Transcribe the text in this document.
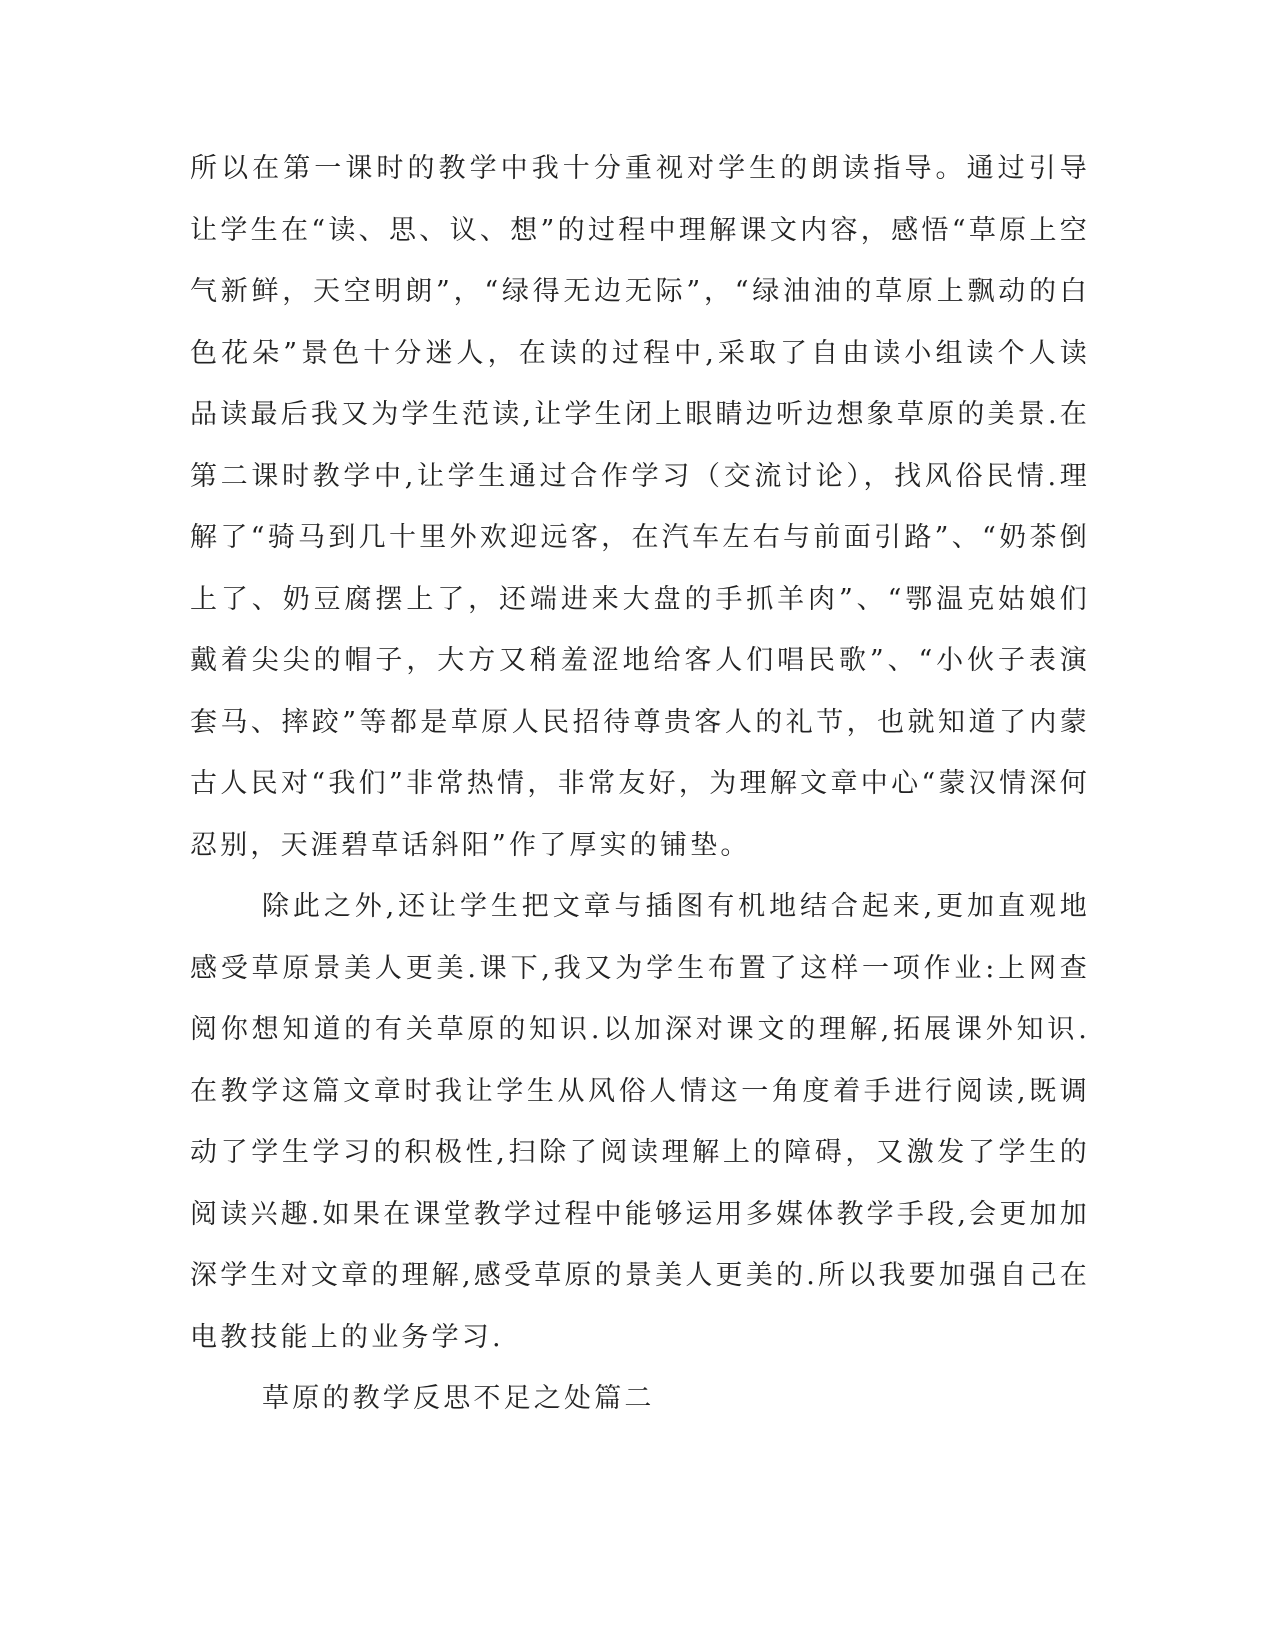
所以在第一课时的教学中我十分重视对学生的朗读指导。通过引导让学生在“读、思、议、想”的过程中理解课文内容，感悟“草原上空气新鲜，天空明朗”，“绿得无边无际”，“绿油油的草原上飘动的白色花朵”景色十分迷人，在读的过程中,采取了自由读小组读个人读品读最后我又为学生范读,让学生闭上眼睛边听边想象草原的美景.在第二课时教学中,让学生通过合作学习（交流讨论），找风俗民情.理解了“骑马到几十里外欢迎远客，在汽车左右与前面引路”、“奶茶倒上了、奶豆腐摆上了，还端进来大盘的手抓羊肉”、“鄂温克姑娘们戴着尖尖的帽子，大方又稍羞涩地给客人们唱民歌”、“小伙子表演套马、摔跤”等都是草原人民招待尊贵客人的礼节，也就知道了内蒙古人民对“我们”非常热情，非常友好，为理解文章中心“蒙汉情深何忍别，天涯碧草话斜阳”作了厚实的铺垫。

除此之外,还让学生把文章与插图有机地结合起来,更加直观地感受草原景美人更美.课下,我又为学生布置了这样一项作业:上网查阅你想知道的有关草原的知识.以加深对课文的理解,拓展课外知识.在教学这篇文章时我让学生从风俗人情这一角度着手进行阅读,既调动了学生学习的积极性,扫除了阅读理解上的障碍，又激发了学生的阅读兴趣.如果在课堂教学过程中能够运用多媒体教学手段,会更加加深学生对文章的理解,感受草原的景美人更美的.所以我要加强自己在电教技能上的业务学习.

草原的教学反思不足之处篇二
